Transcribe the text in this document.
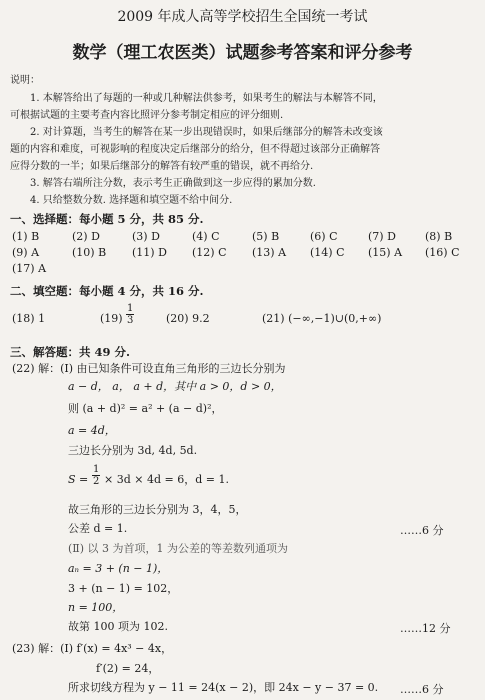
2009 年成人高等学校招生全国统一考试
数学（理工农医类）试题参考答案和评分参考
说明：
1. 本解答给出了每题的一种或几种解法供参考，如果考生的解法与本解答不同，
可根据试题的主要考查内容比照评分参考制定相应的评分细则.
2. 对计算题，当考生的解答在某一步出现错误时，如果后继部分的解答未改变该
题的内容和难度，可视影响的程度决定后继部分的给分，但不得超过该部分正确解答
应得分数的一半；如果后继部分的解答有较严重的错误，就不再给分.
3. 解答右端所注分数，表示考生正确做到这一步应得的累加分数.
4. 只给整数分数. 选择题和填空题不给中间分.
一、选择题：每小题 5 分，共 85 分.
(1) B	(2) D	(3) D	(4) C	(5) B	(6) C	(7) D	(8) B
(9) A	(10) B (11) D (12) C (13) A (14) C (15) A (16) C
(17) A
二、填空题：每小题 4 分，共 16 分.
(18) 1	$(19) \frac{1}{3}$	(20) 9.2	(21) (−∞,−1)∪(0,+∞)
三、解答题：共 49 分.
(22) 解：(Ⅰ) 由已知条件可设直角三角形的三边长分别为
a − d， a， a + d，其中 a > 0，d > 0，
则 (a + d)² = a² + (a − d)²，
a = 4d，
三边长分别为 3d, 4d, 5d.
$S = \frac{1}{2} \times 3d \times 4d = 6$，d = 1.
故三角形的三边长分别为 3，4，5，
公差 d = 1.	……6 分
(Ⅱ) 以 3 为首项，1 为公差的等差数列通项为
aₙ = 3 + (n − 1)，
3 + (n − 1) = 102，
n = 100，
故第 100 项为 102.	……12 分
(23) 解：(Ⅰ) f′(x) = 4x³ − 4x，
f′(2) = 24，
所求切线方程为 y − 11 = 24(x − 2)，即 24x − y − 37 = 0. ……6 分
